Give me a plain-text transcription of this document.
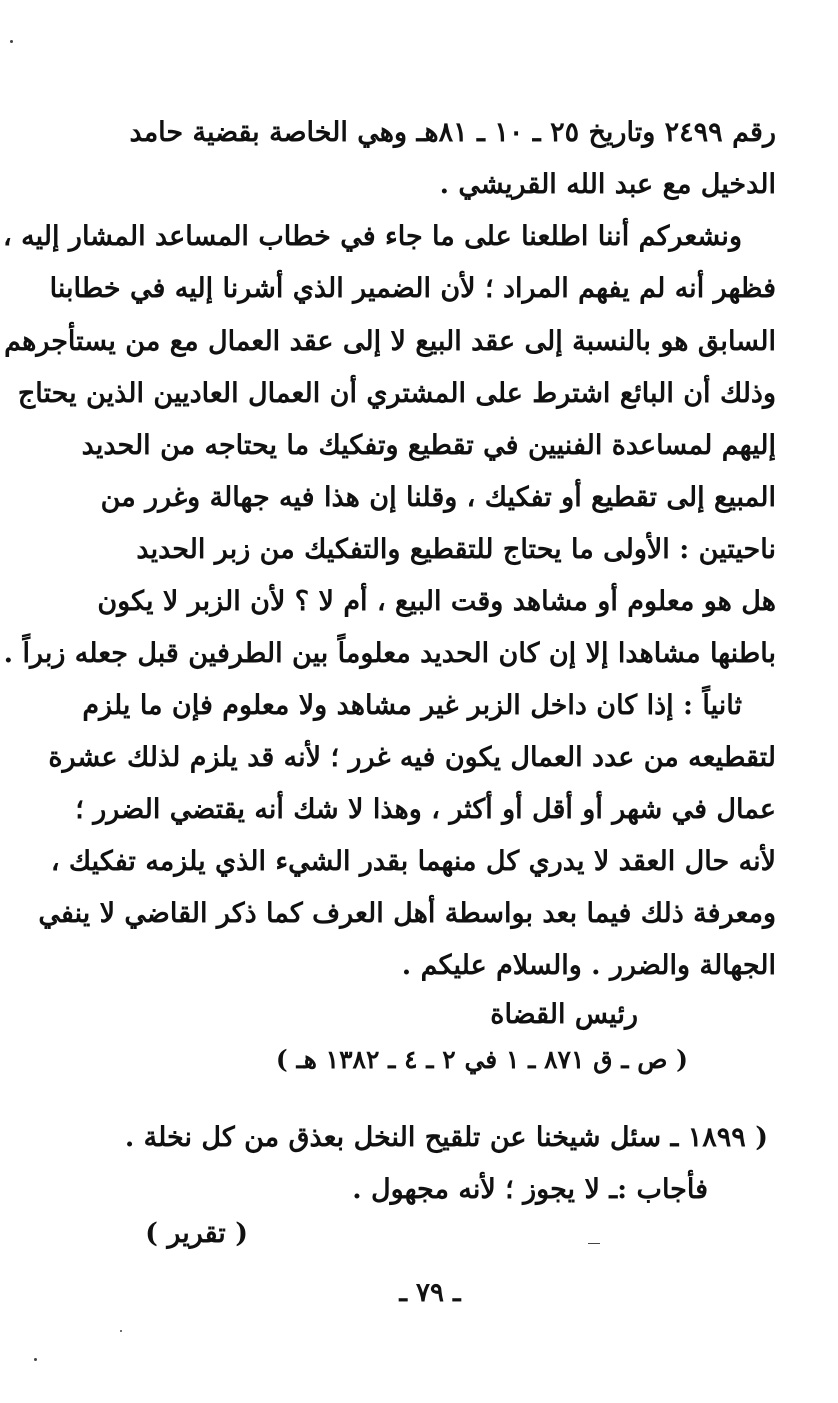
رقم ٢٤٩٩ وتاريخ ٢٥ ـ ١٠ ـ ٨١هـ وهي الخاصة بقضية حامد
الدخيل مع عبد الله القريشي .
ونشعركم أننا اطلعنا على ما جاء في خطاب المساعد المشار إليه ،
فظهر أنه لم يفهم المراد ؛ لأن الضمير الذي أشرنا إليه في خطابنا
السابق هو بالنسبة إلى عقد البيع لا إلى عقد العمال مع من يستأجرهم
وذلك أن البائع اشترط على المشتري أن العمال العاديين الذين يحتاج
إليهم لمساعدة الفنيين في تقطيع وتفكيك ما يحتاجه من الحديد
المبيع إلى تقطيع أو تفكيك ، وقلنا إن هذا فيه جهالة وغرر من
ناحيتين : الأولى ما يحتاج للتقطيع والتفكيك من زبر الحديد
هل هو معلوم أو مشاهد وقت البيع ، أم لا ؟ لأن الزبر لا يكون
باطنها مشاهدا إلا إن كان الحديد معلوماً بين الطرفين قبل جعله زبراً .
ثانياً : إذا كان داخل الزبر غير مشاهد ولا معلوم فإن ما يلزم
لتقطيعه من عدد العمال يكون فيه غرر ؛ لأنه قد يلزم لذلك عشرة
عمال في شهر أو أقل أو أكثر ، وهذا لا شك أنه يقتضي الضرر ؛
لأنه حال العقد لا يدري كل منهما بقدر الشيء الذي يلزمه تفكيك ،
ومعرفة ذلك فيما بعد بواسطة أهل العرف كما ذكر القاضي لا ينفي
الجهالة والضرر . والسلام عليكم .
رئيس القضاة
( ص ـ ق ٨٧١ ـ ١ في ٢ ـ ٤ ـ ١٣٨٢ هـ )
( ١٨٩٩ ـ سئل شيخنا عن تلقيح النخل بعذق من كل نخلة .
فأجاب :ـ لا يجوز ؛ لأنه مجهول .
( تقرير )
ـ ٧٩ ـ
